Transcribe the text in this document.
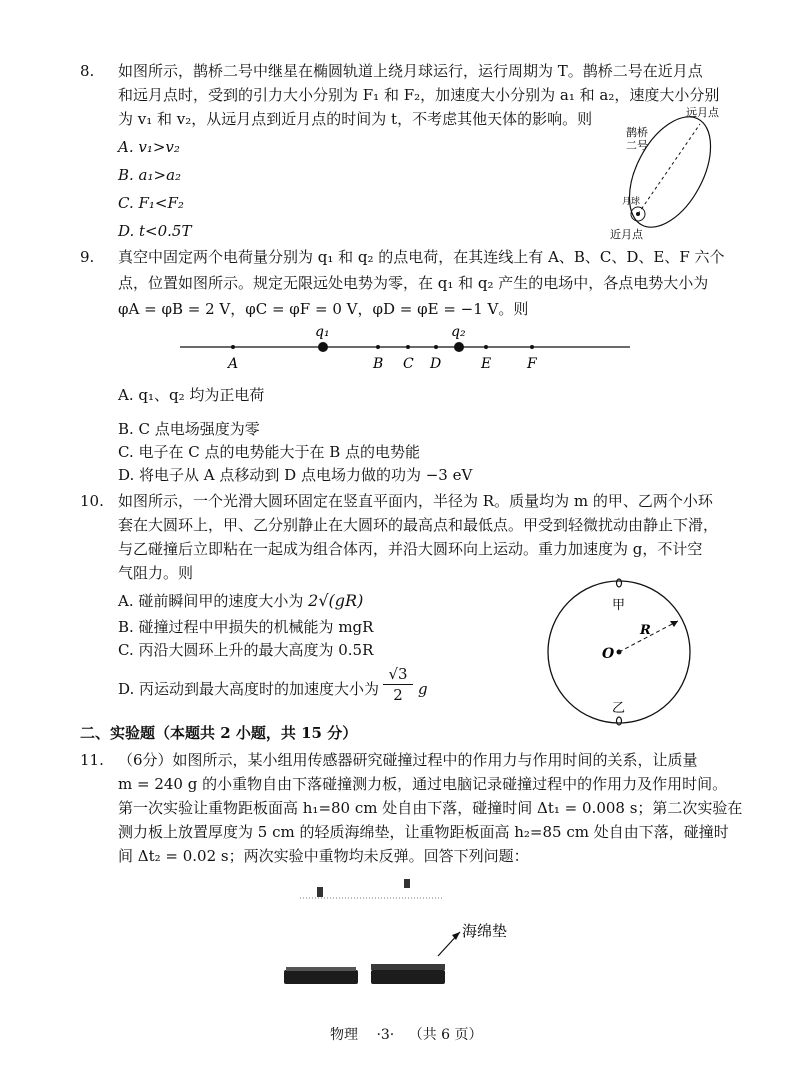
8. 如图所示，鹊桥二号中继星在椭圆轨道上绕月球运行，运行周期为 T。鹊桥二号在近月点
和远月点时，受到的引力大小分别为 F₁ 和 F₂，加速度大小分别为 a₁ 和 a₂，速度大小分别
为 v₁ 和 v₂，从远月点到近月点的时间为 t，不考虑其他天体的影响。则
A. v₁>v₂
B. a₁>a₂
C. F₁<F₂
D. t<0.5T
远月点
鹊桥
二号
月球
近月点
9. 真空中固定两个电荷量分别为 q₁ 和 q₂ 的点电荷，在其连线上有 A、B、C、D、E、F 六个
点，位置如图所示。规定无限远处电势为零，在 q₁ 和 q₂ 产生的电场中，各点电势大小为
φA = φB = 2 V，φC = φF = 0 V，φD = φE = −1 V。则
q₁	q₂
A	B C D	E	F
A. q₁、q₂ 均为正电荷
B. C 点电场强度为零
C. 电子在 C 点的电势能大于在 B 点的电势能
D. 将电子从 A 点移动到 D 点电场力做的功为 −3 eV
10. 如图所示，一个光滑大圆环固定在竖直平面内，半径为 R。质量均为 m 的甲、乙两个小环
套在大圆环上，甲、乙分别静止在大圆环的最高点和最低点。甲受到轻微扰动由静止下滑，
与乙碰撞后立即粘在一起成为组合体丙，并沿大圆环向上运动。重力加速度为 g，不计空
气阻力。则
A. 碰前瞬间甲的速度大小为 2√(gR)
B. 碰撞过程中甲损失的机械能为 mgR
C. 丙沿大圆环上升的最大高度为 0.5R
D. 丙运动到最大高度时的加速度大小为 $\frac{√3}{2}$ g
甲
乙
O
R
二、实验题（本题共 2 小题，共 15 分）
11. （6分）如图所示，某小组用传感器研究碰撞过程中的作用力与作用时间的关系，让质量
m = 240 g 的小重物自由下落碰撞测力板，通过电脑记录碰撞过程中的作用力及作用时间。
第一次实验让重物距板面高 h₁=80 cm 处自由下落，碰撞时间 Δt₁ = 0.008 s；第二次实验在
测力板上放置厚度为 5 cm 的轻质海绵垫，让重物距板面高 h₂=85 cm 处自由下落，碰撞时
间 Δt₂ = 0.02 s；两次实验中重物均未反弹。回答下列问题：
海绵垫
物理 ·3· （共 6 页）
